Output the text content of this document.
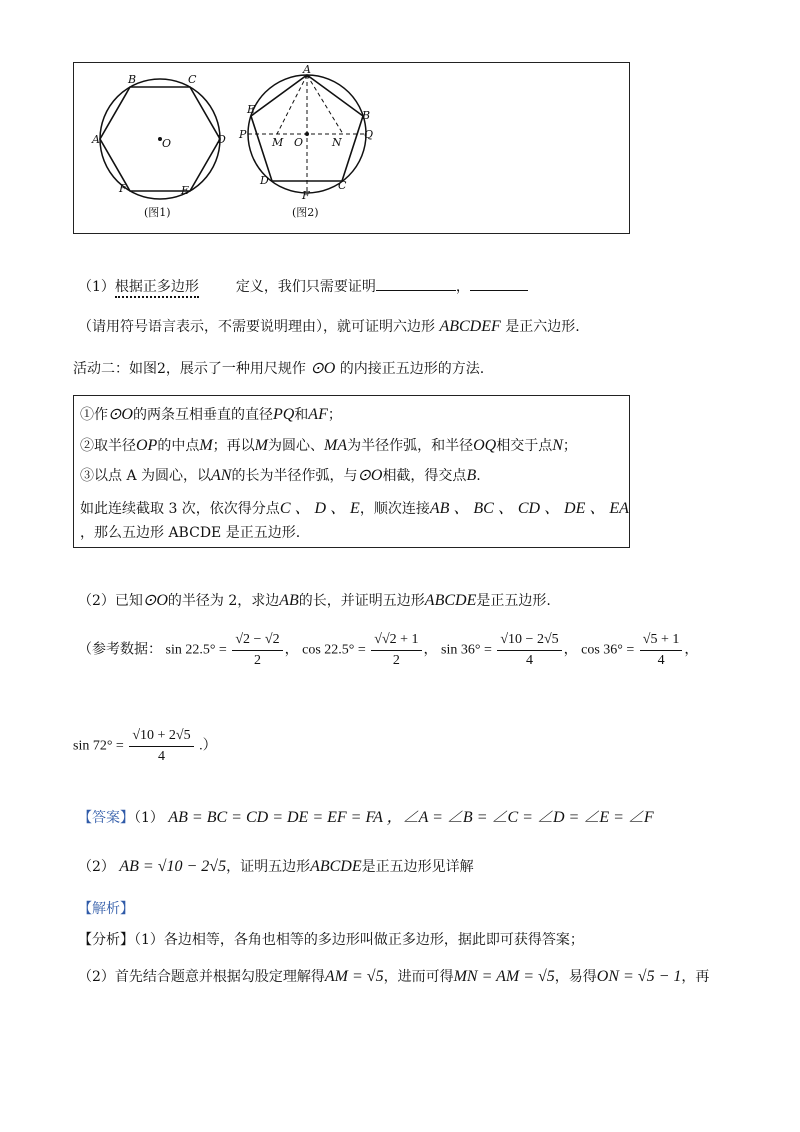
B	C
A	D
O
F	E
(图1)
A
E
P
M O	N
B
Q
D	C
F
(图2)
（1）根据正多边形	定义，我们只需要证明	，
（请用符号语言表示，不需要说明理由），就可证明六边形 ABCDEF 是正六边形.
活动二：如图2，展示了一种用尺规作 ⊙O 的内接正五边形的方法.
①作⊙O的两条互相垂直的直径PQ和AF；
②取半径OP的中点M；再以M为圆心、MA为半径作弧，和半径OQ相交于点N；
③以点 A 为圆心，以AN的长为半径作弧，与⊙O相截，得交点B.
如此连续截取 3 次，依次得分点C 、 D 、 E，顺次连接AB 、 BC 、 CD 、 DE 、 EA
，那么五边形 ABCDE 是正五边形.
（2）已知⊙O的半径为 2，求边AB的长，并证明五边形ABCDE是正五边形.
（参考数据： $\sin 22.5^\circ = \frac{√2 - √2}{2}$ ， $\cos 22.5^\circ = \frac{√√2 + 1}{2}$ ， $\sin 36^\circ = \frac{√10 - 2√5}{4}$ ， $\cos 36^\circ = \frac{√5 + 1}{4}$ ，
$\sin 72^\circ = \frac{√10 + 2√5}{4}$ .）
【答案】（1） AB = BC = CD = DE = EF = FA ，∠A = ∠B = ∠C = ∠D = ∠E = ∠F
（2） AB = √10 − 2√5，证明五边形ABCDE是正五边形见详解
【解析】
【分析】（1）各边相等，各角也相等的多边形叫做正多边形，据此即可获得答案；
（2）首先结合题意并根据勾股定理解得AM = √5，进而可得MN = AM = √5，易得ON = √5 − 1，再
